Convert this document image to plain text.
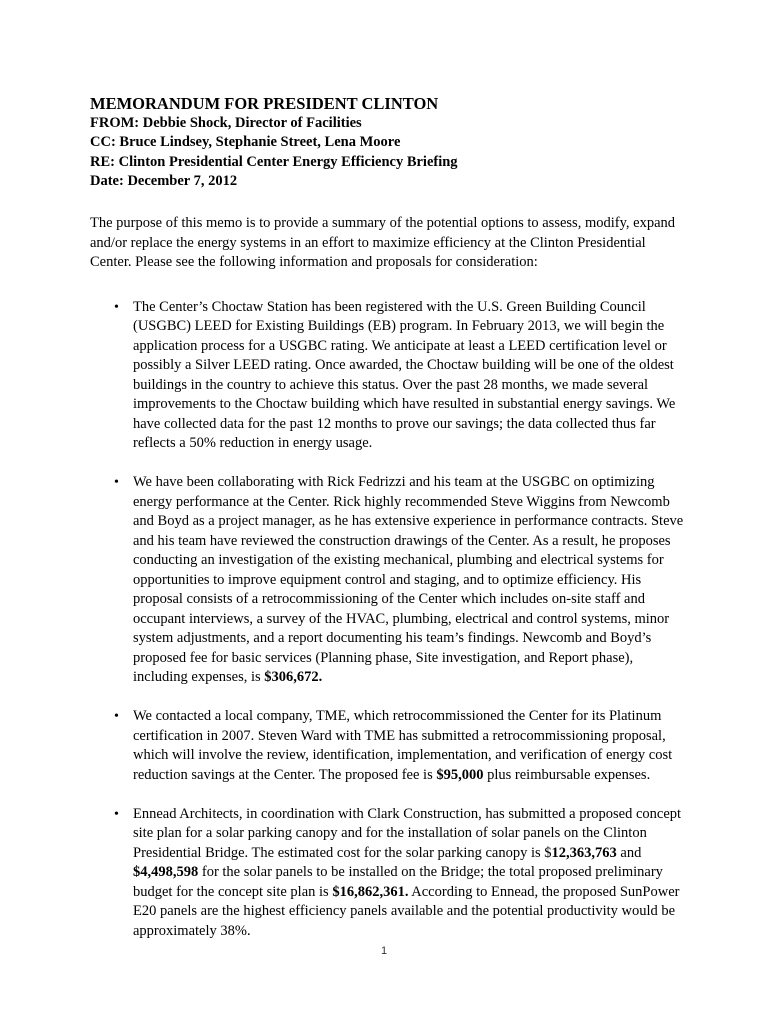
MEMORANDUM FOR PRESIDENT CLINTON

FROM: Debbie Shock, Director of Facilities

CC: Bruce Lindsey, Stephanie Street, Lena Moore

RE: Clinton Presidential Center Energy Efficiency Briefing

Date: December 7, 2012

The purpose of this memo is to provide a summary of the potential options to assess, modify, expand and/or replace the energy systems in an effort to maximize efficiency at the Clinton Presidential Center. Please see the following information and proposals for consideration:

• The Center’s Choctaw Station has been registered with the U.S. Green Building Council (USGBC) LEED for Existing Buildings (EB) program. In February 2013, we will begin the application process for a USGBC rating. We anticipate at least a LEED certification level or possibly a Silver LEED rating. Once awarded, the Choctaw building will be one of the oldest buildings in the country to achieve this status. Over the past 28 months, we made several improvements to the Choctaw building which have resulted in substantial energy savings. We have collected data for the past 12 months to prove our savings; the data collected thus far reflects a 50% reduction in energy usage.
• We have been collaborating with Rick Fedrizzi and his team at the USGBC on optimizing energy performance at the Center. Rick highly recommended Steve Wiggins from Newcomb and Boyd as a project manager, as he has extensive experience in performance contracts. Steve and his team have reviewed the construction drawings of the Center. As a result, he proposes conducting an investigation of the existing mechanical, plumbing and electrical systems for opportunities to improve equipment control and staging, and to optimize efficiency. His proposal consists of a retrocommissioning of the Center which includes on-site staff and occupant interviews, a survey of the HVAC, plumbing, electrical and control systems, minor system adjustments, and a report documenting his team’s findings. Newcomb and Boyd’s proposed fee for basic services (Planning phase, Site investigation, and Report phase), including expenses, is $306,672.
• We contacted a local company, TME, which retrocommissioned the Center for its Platinum certification in 2007. Steven Ward with TME has submitted a retrocommissioning proposal, which will involve the review, identification, implementation, and verification of energy cost reduction savings at the Center. The proposed fee is $95,000 plus reimbursable expenses.
• Ennead Architects, in coordination with Clark Construction, has submitted a proposed concept site plan for a solar parking canopy and for the installation of solar panels on the Clinton Presidential Bridge. The estimated cost for the solar parking canopy is $12,363,763 and $4,498,598 for the solar panels to be installed on the Bridge; the total proposed preliminary budget for the concept site plan is $16,862,361. According to Ennead, the proposed SunPower E20 panels are the highest efficiency panels available and the potential productivity would be approximately 38%.
1
